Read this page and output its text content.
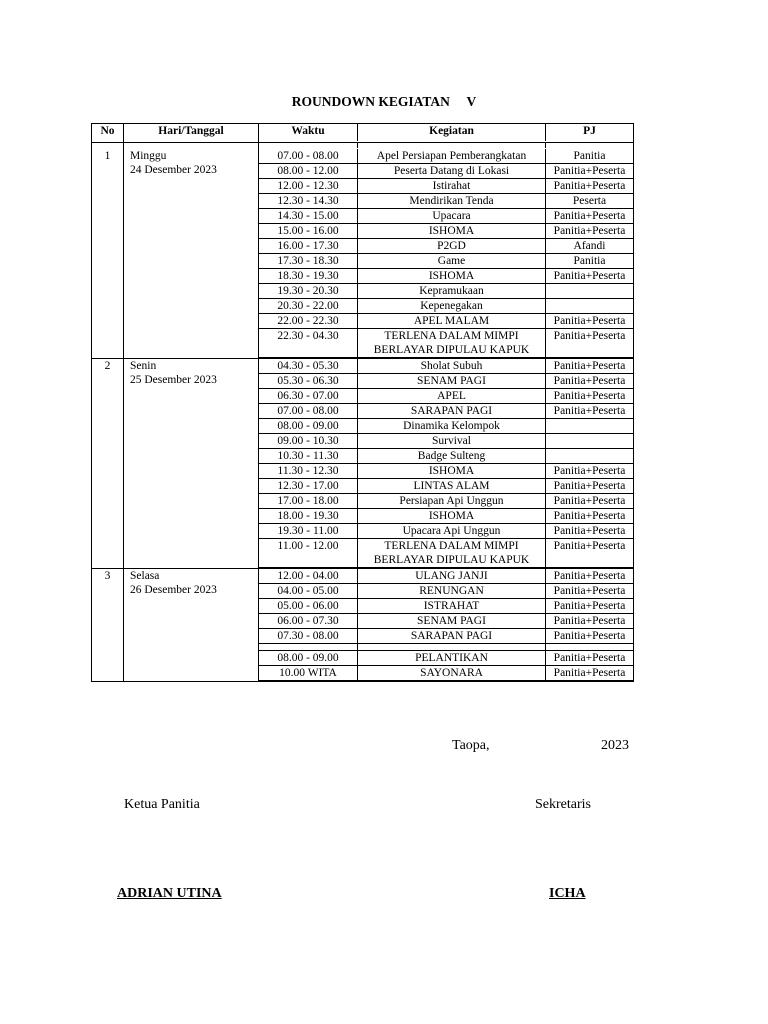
ROUNDOWN KEGIATAN     V
No	Hari/Tanggal		Waktu	Kegiatan	PJ

1	Minggu
24 Desember 2023

07.00 - 08.00	Apel Persiapan Pemberangkatan	Panitia
08.00 - 12.00	Peserta Datang di Lokasi	Panitia+Peserta
12.00 - 12.30	Istirahat	Panitia+Peserta
12.30 - 14.30	Mendirikan Tenda	Peserta
14.30 - 15.00	Upacara	Panitia+Peserta
15.00 - 16.00	ISHOMA	Panitia+Peserta
16.00 - 17.30	P2GD	Afandi
17.30 - 18.30	Game	Panitia
18.30 - 19.30	ISHOMA	Panitia+Peserta
19.30 - 20.30	Kepramukaan	
20.30 - 22.00	Kepenegakan	
22.00 - 22.30	APEL MALAM	Panitia+Peserta
22.30 - 04.30	TERLENA DALAM MIMPI BERLAYAR DIPULAU KAPUK	Panitia+Peserta

2	Senin
25 Desember 2023

04.30 - 05.30	Sholat Subuh	Panitia+Peserta
05.30 - 06.30	SENAM PAGI	Panitia+Peserta
06.30 - 07.00	APEL	Panitia+Peserta
07.00 - 08.00	SARAPAN PAGI	Panitia+Peserta
08.00 - 09.00	Dinamika Kelompok	
09.00 - 10.30	Survival	
10.30 - 11.30	Badge Sulteng	
11.30 - 12.30	ISHOMA	Panitia+Peserta
12.30 - 17.00	LINTAS ALAM	Panitia+Peserta
17.00 - 18.00	Persiapan Api Unggun	Panitia+Peserta
18.00 - 19.30	ISHOMA	Panitia+Peserta
19.30 - 11.00	Upacara Api Unggun	Panitia+Peserta
11.00 - 12.00	TERLENA DALAM MIMPI BERLAYAR DIPULAU KAPUK	Panitia+Peserta

3	Selasa
26 Desember 2023

12.00 - 04.00	ULANG JANJI	Panitia+Peserta
04.00 - 05.00	RENUNGAN	Panitia+Peserta
05.00 - 06.00	ISTRAHAT	Panitia+Peserta
06.00 - 07.30	SENAM PAGI	Panitia+Peserta
07.30 - 08.00	SARAPAN PAGI	Panitia+Peserta

08.00 - 09.00	PELANTIKAN	Panitia+Peserta
10.00 WITA	SAYONARA	Panitia+Peserta
Taopa,	2023
Ketua Panitia	Sekretaris
ADRIAN UTINA	ICHA
